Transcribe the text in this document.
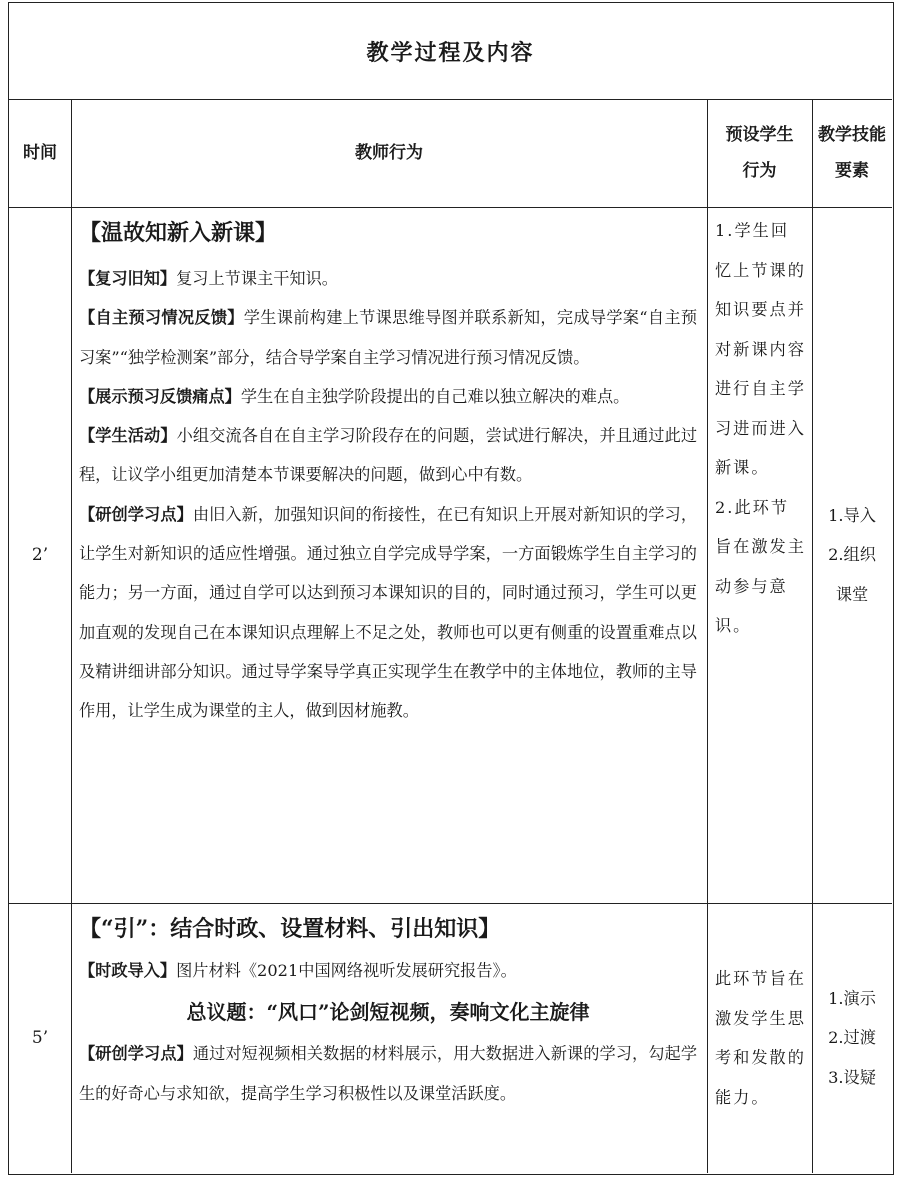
教学过程及内容
时间	教师行为
预设学生行为
教学技能要素
2’

【温故知新入新课】

【复习旧知】复习上节课主干知识。

【自主预习情况反馈】学生课前构建上节课思维导图并联系新知，完成导学案“自主预习案”“独学检测案”部分，结合导学案自主学习情况进行预习情况反馈。

【展示预习反馈痛点】学生在自主独学阶段提出的自己难以独立解决的难点。

【学生活动】小组交流各自在自主学习阶段存在的问题，尝试进行解决，并且通过此过程，让议学小组更加清楚本节课要解决的问题，做到心中有数。

【研创学习点】由旧入新，加强知识间的衔接性，在已有知识上开展对新知识的学习，让学生对新知识的适应性增强。通过独立自学完成导学案，一方面锻炼学生自主学习的能力；另一方面，通过自学可以达到预习本课知识的目的，同时通过预习，学生可以更加直观的发现自己在本课知识点理解上不足之处，教师也可以更有侧重的设置重难点以及精讲细讲部分知识。通过导学案导学真正实现学生在教学中的主体地位，教师的主导作用，让学生成为课堂的主人，做到因材施教。

1.学生回忆上节课的知识要点并对新课内容进行自主学习进而进入新课。

2.此环节旨在激发主动参与意识。

1.导入

2.组织

课堂

5’

【“引”：结合时政、设置材料、引出知识】

【时政导入】图片材料《2021中国网络视听发展研究报告》。

总议题：“风口”论剑短视频，奏响文化主旋律

【研创学习点】通过对短视频相关数据的材料展示，用大数据进入新课的学习，勾起学生的好奇心与求知欲，提高学生学习积极性以及课堂活跃度。

此环节旨在激发学生思考和发散的能力。

1.演示

2.过渡

3.设疑
